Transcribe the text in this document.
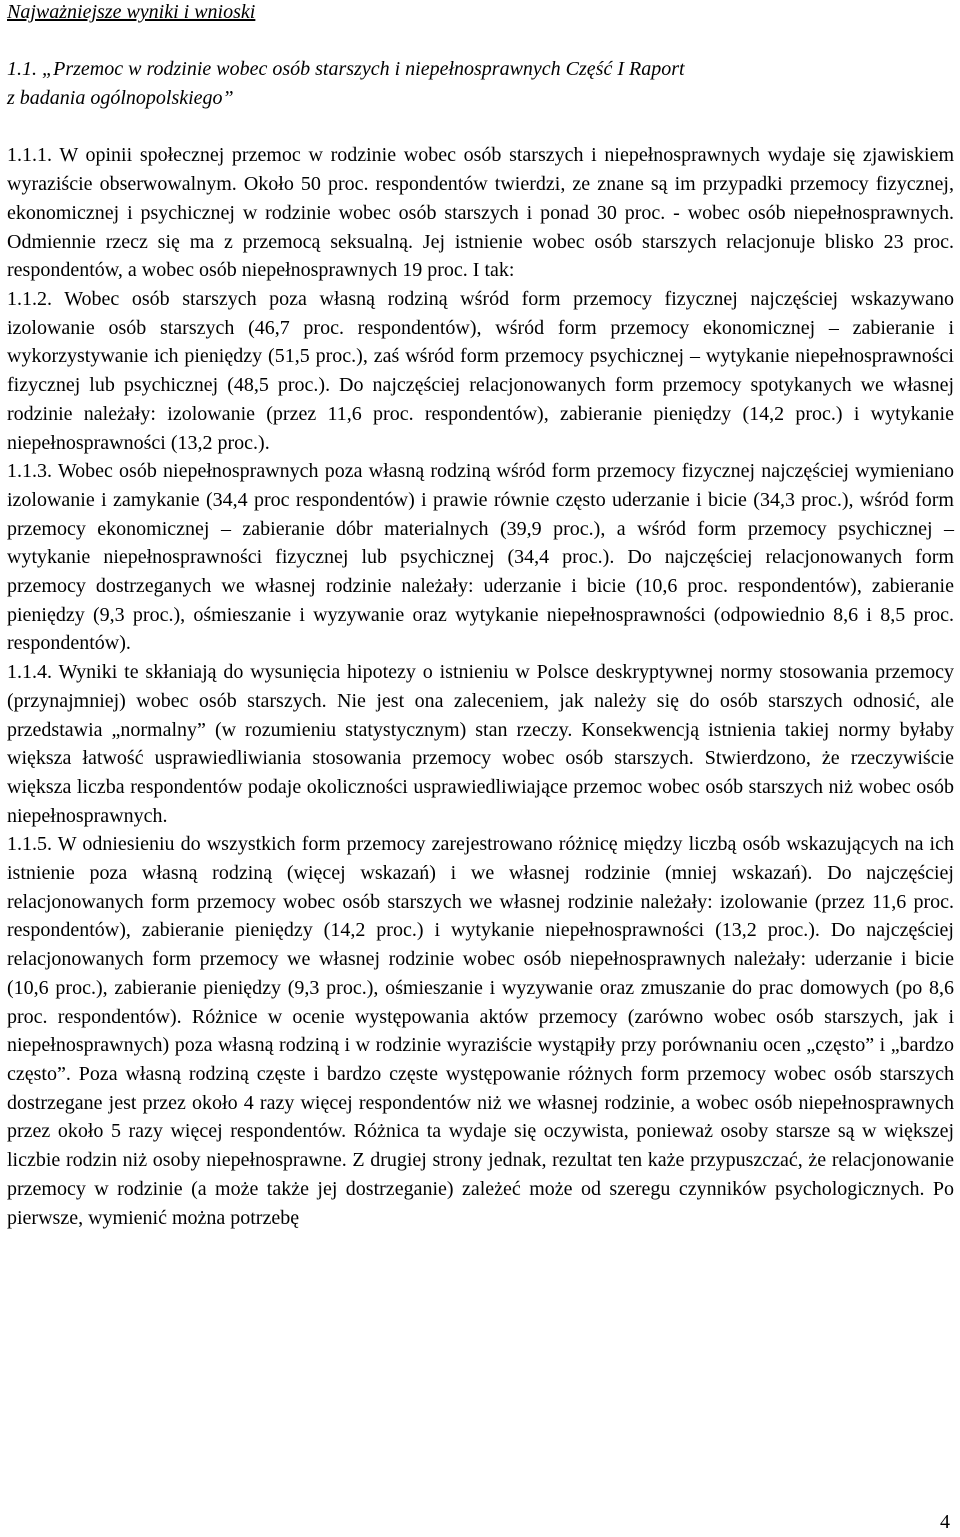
Najważniejsze wyniki i wnioski

1.1. „Przemoc w rodzinie wobec osób starszych i niepełnosprawnych Część I Raport

z badania ogólnopolskiego”

1.1.1. W opinii społecznej przemoc w rodzinie wobec osób starszych i niepełnosprawnych wydaje się zjawiskiem wyraziście obserwowalnym. Około 50 proc. respondentów twierdzi, ze znane są im przypadki przemocy fizycznej, ekonomicznej i psychicznej w rodzinie wobec osób starszych i ponad 30 proc. - wobec osób niepełnosprawnych. Odmiennie rzecz się ma z przemocą seksualną. Jej istnienie wobec osób starszych relacjonuje blisko 23 proc. respondentów, a wobec osób niepełnosprawnych 19 proc. I tak:

1.1.2. Wobec osób starszych poza własną rodziną wśród form przemocy fizycznej najczęściej wskazywano izolowanie osób starszych (46,7 proc. respondentów), wśród form przemocy ekonomicznej – zabieranie i wykorzystywanie ich pieniędzy (51,5 proc.), zaś wśród form przemocy psychicznej – wytykanie niepełnosprawności fizycznej lub psychicznej (48,5 proc.). Do najczęściej relacjonowanych form przemocy spotykanych we własnej rodzinie należały: izolowanie (przez 11,6 proc. respondentów), zabieranie pieniędzy (14,2 proc.) i wytykanie niepełnosprawności (13,2 proc.).

1.1.3. Wobec osób niepełnosprawnych poza własną rodziną wśród form przemocy fizycznej najczęściej wymieniano izolowanie i zamykanie (34,4 proc respondentów) i prawie równie często uderzanie i bicie (34,3 proc.), wśród form przemocy ekonomicznej – zabieranie dóbr materialnych (39,9 proc.), a wśród form przemocy psychicznej – wytykanie niepełnosprawności fizycznej lub psychicznej (34,4 proc.). Do najczęściej relacjonowanych form przemocy dostrzeganych we własnej rodzinie należały: uderzanie i bicie (10,6 proc. respondentów), zabieranie pieniędzy (9,3 proc.), ośmieszanie i wyzywanie oraz wytykanie niepełnosprawności (odpowiednio 8,6 i 8,5 proc. respondentów).

1.1.4. Wyniki te skłaniają do wysunięcia hipotezy o istnieniu w Polsce deskryptywnej normy stosowania przemocy (przynajmniej) wobec osób starszych. Nie jest ona zaleceniem, jak należy się do osób starszych odnosić, ale przedstawia „normalny” (w rozumieniu statystycznym) stan rzeczy. Konsekwencją istnienia takiej normy byłaby większa łatwość usprawiedliwiania stosowania przemocy wobec osób starszych. Stwierdzono, że rzeczywiście większa liczba respondentów podaje okoliczności usprawiedliwiające przemoc wobec osób starszych niż wobec osób niepełnosprawnych.

1.1.5. W odniesieniu do wszystkich form przemocy zarejestrowano różnicę między liczbą osób wskazujących na ich istnienie poza własną rodziną (więcej wskazań) i we własnej rodzinie (mniej wskazań). Do najczęściej relacjonowanych form przemocy wobec osób starszych we własnej rodzinie należały: izolowanie (przez 11,6 proc. respondentów), zabieranie pieniędzy (14,2 proc.) i wytykanie niepełnosprawności (13,2 proc.). Do najczęściej relacjonowanych form przemocy we własnej rodzinie wobec osób niepełnosprawnych należały: uderzanie i bicie (10,6 proc.), zabieranie pieniędzy (9,3 proc.), ośmieszanie i wyzywanie oraz zmuszanie do prac domowych (po 8,6 proc. respondentów). Różnice w ocenie występowania aktów przemocy (zarówno wobec osób starszych, jak i niepełnosprawnych) poza własną rodziną i w rodzinie wyraziście wystąpiły przy porównaniu ocen „często” i „bardzo często”. Poza własną rodziną częste i bardzo częste występowanie różnych form przemocy wobec osób starszych dostrzegane jest przez około 4 razy więcej respondentów niż we własnej rodzinie, a wobec osób niepełnosprawnych przez około 5 razy więcej respondentów. Różnica ta wydaje się oczywista, ponieważ osoby starsze są w większej liczbie rodzin niż osoby niepełnosprawne. Z drugiej strony jednak, rezultat ten każe przypuszczać, że relacjonowanie przemocy w rodzinie (a może także jej dostrzeganie) zależeć może od szeregu czynników psychologicznych. Po pierwsze, wymienić można potrzebę

4
